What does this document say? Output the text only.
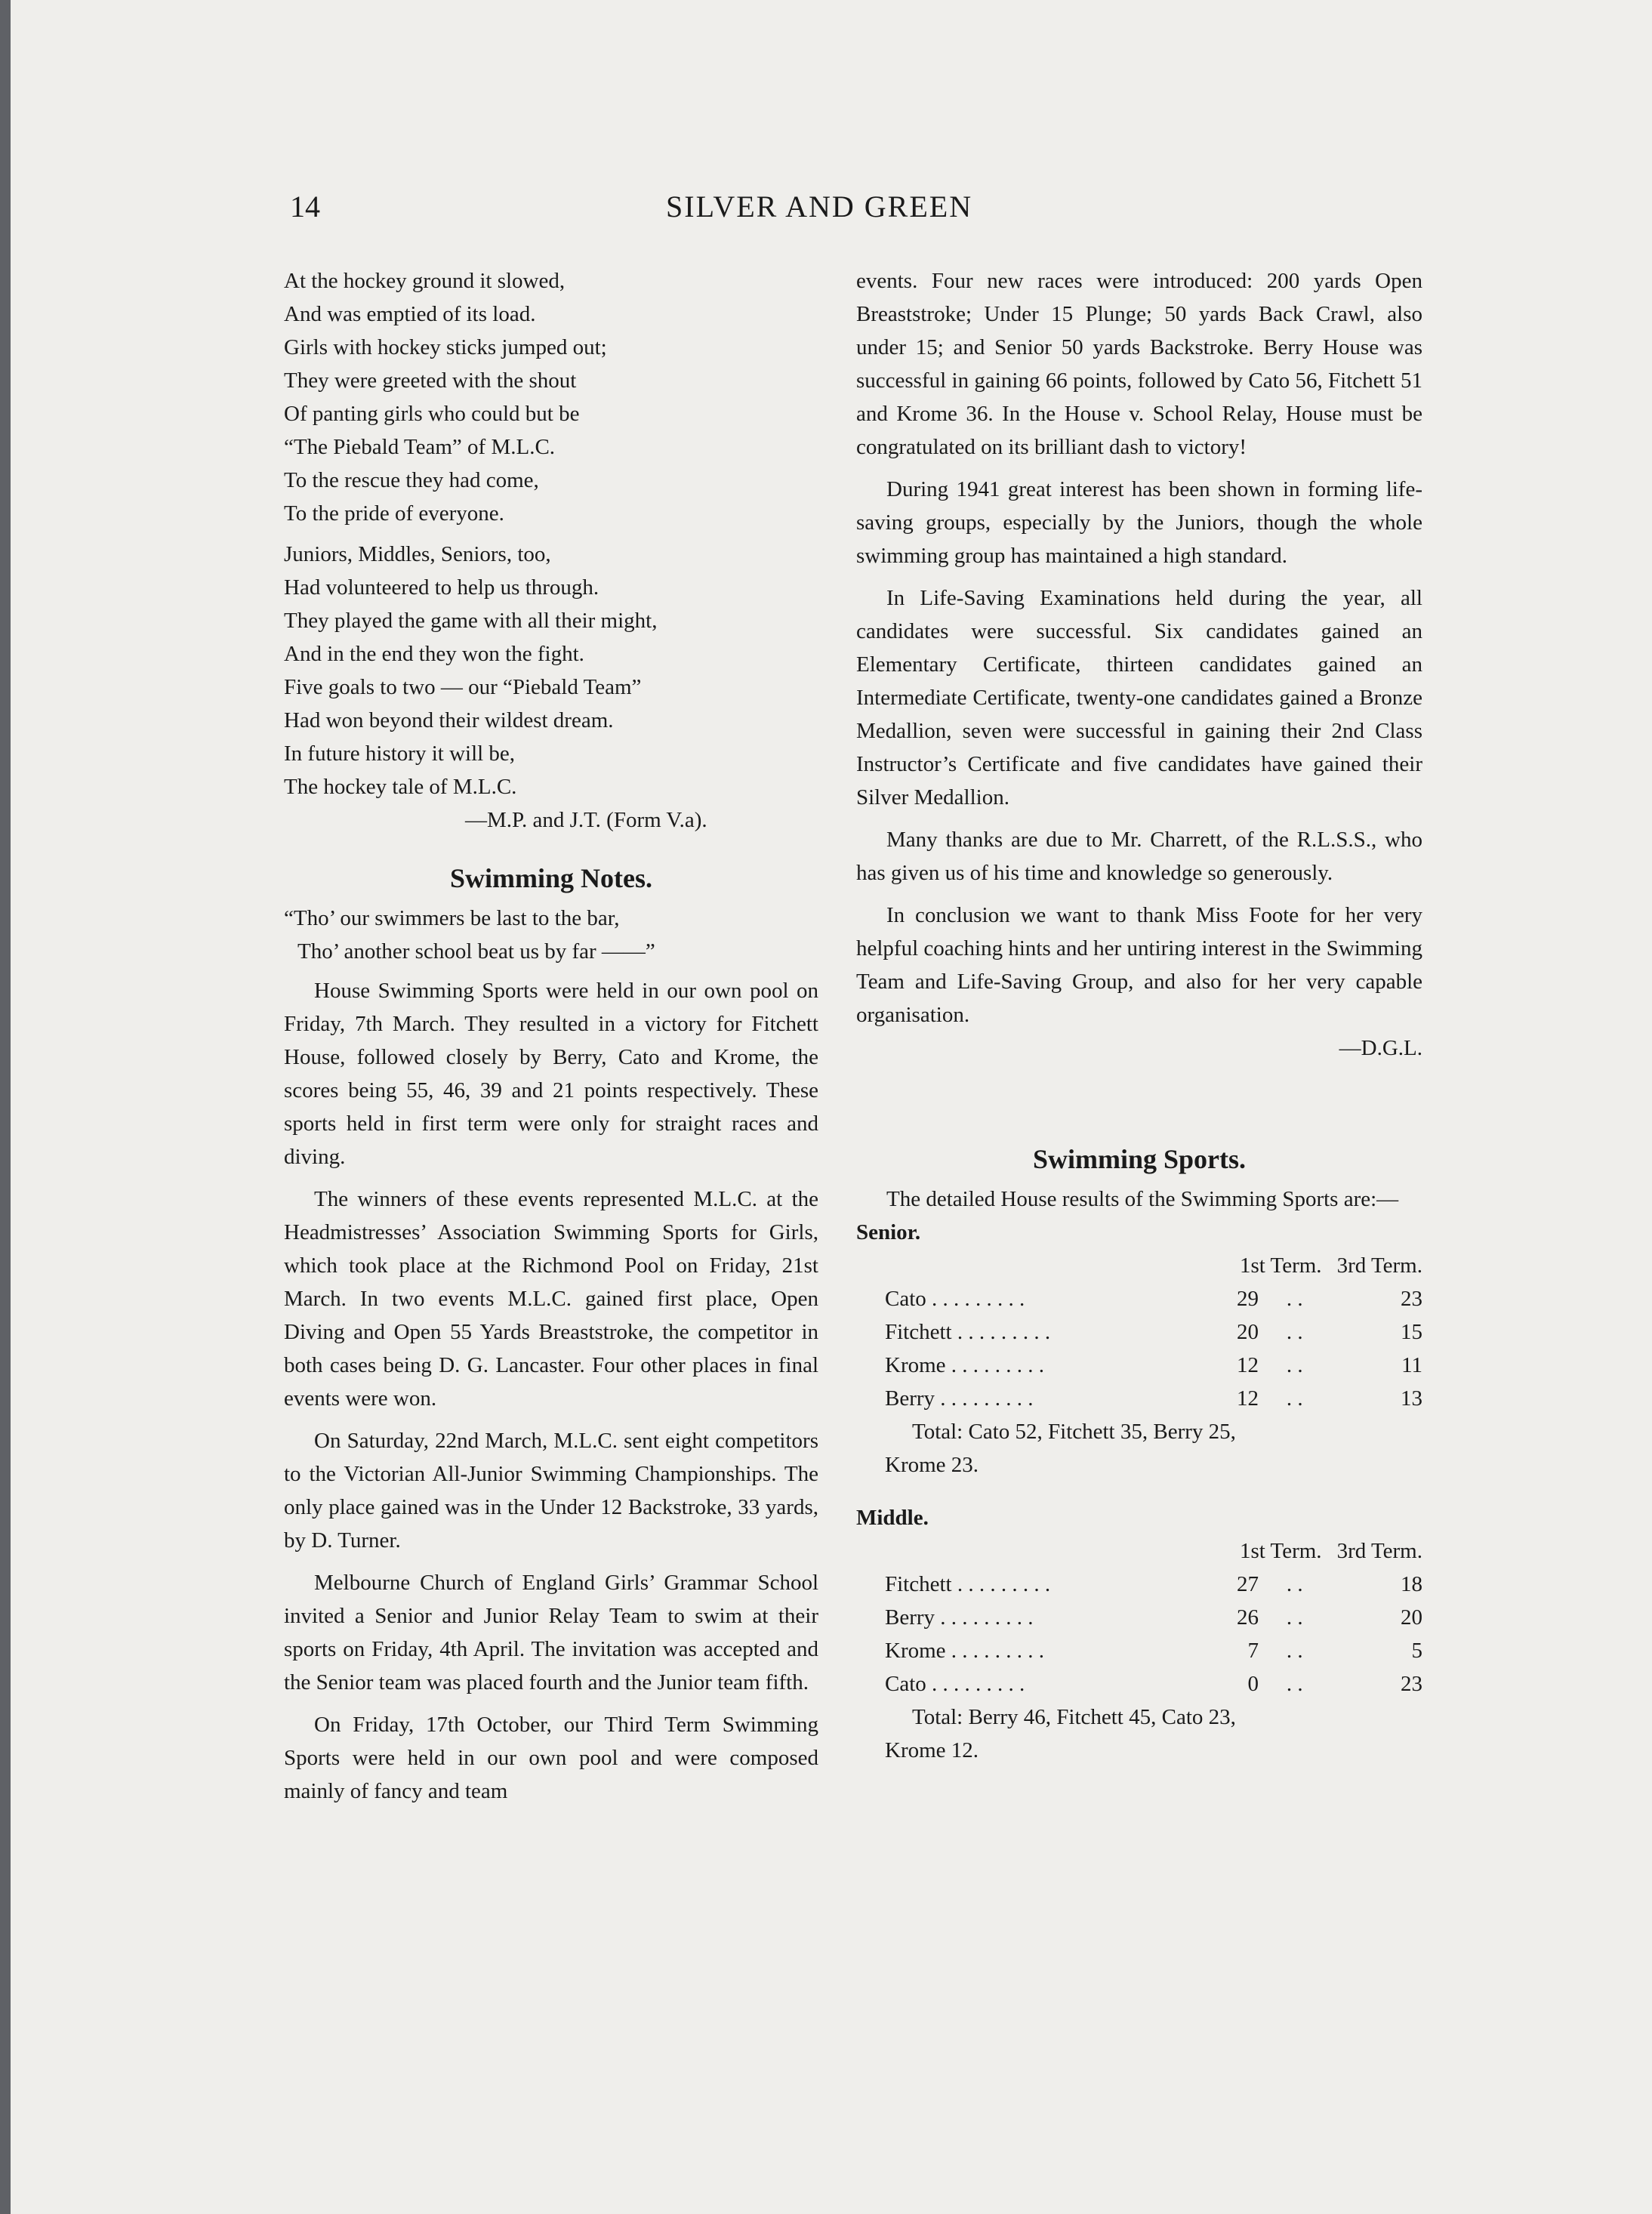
14	SILVER AND GREEN
At the hockey ground it slowed,
And was emptied of its load.
Girls with hockey sticks jumped out;
They were greeted with the shout
Of panting girls who could but be
“The Piebald Team” of M.L.C.
To the rescue they had come,
To the pride of everyone.
Juniors, Middles, Seniors, too,
Had volunteered to help us through.
They played the game with all their might,
And in the end they won the fight.
Five goals to two — our “Piebald Team”
Had won beyond their wildest dream.
In future history it will be,
The hockey tale of M.L.C.
—M.P. and J.T. (Form V.a).
Swimming Notes.
“Tho’ our swimmers be last to the bar,
Tho’ another school beat us by far ——”

House Swimming Sports were held in our own pool on Friday, 7th March. They resulted in a victory for Fitchett House, followed closely by Berry, Cato and Krome, the scores being 55, 46, 39 and 21 points respectively. These sports held in first term were only for straight races and diving.

The winners of these events represented M.L.C. at the Headmistresses’ Association Swimming Sports for Girls, which took place at the Richmond Pool on Friday, 21st March. In two events M.L.C. gained first place, Open Diving and Open 55 Yards Breaststroke, the competitor in both cases being D. G. Lancaster. Four other places in final events were won.

On Saturday, 22nd March, M.L.C. sent eight competitors to the Victorian All-Junior Swimming Championships. The only place gained was in the Under 12 Backstroke, 33 yards, by D. Turner.

Melbourne Church of England Girls’ Grammar School invited a Senior and Junior Relay Team to swim at their sports on Friday, 4th April. The invitation was accepted and the Senior team was placed fourth and the Junior team fifth.

On Friday, 17th October, our Third Term Swimming Sports were held in our own pool and were composed mainly of fancy and team

events. Four new races were introduced: 200 yards Open Breaststroke; Under 15 Plunge; 50 yards Back Crawl, also under 15; and Senior 50 yards Backstroke. Berry House was successful in gaining 66 points, followed by Cato 56, Fitchett 51 and Krome 36. In the House v. School Relay, House must be congratulated on its brilliant dash to victory!

During 1941 great interest has been shown in forming life-saving groups, especially by the Juniors, though the whole swimming group has maintained a high standard.

In Life-Saving Examinations held during the year, all candidates were successful. Six candidates gained an Elementary Certificate, thirteen candidates gained an Intermediate Certificate, twenty-one candidates gained a Bronze Medallion, seven were successful in gaining their 2nd Class Instructor’s Certificate and five candidates have gained their Silver Medallion.

Many thanks are due to Mr. Charrett, of the R.L.S.S., who has given us of his time and knowledge so generously.

In conclusion we want to thank Miss Foote for her very helpful coaching hints and her untiring interest in the Swimming Team and Life-Saving Group, and also for her very capable organisation.

—D.G.L.
Swimming Sports.

The detailed House results of the Swimming Sports are:—

Senior.
	1st Term.		3rd Term.
Cato . . . . . . . . .	29	. .	23
Fitchett . . . . . . . . .	20	. .	15
Krome . . . . . . . . .	12	. .	11
Berry . . . . . . . . .	12	. .	13
Total: Cato 52, Fitchett 35, Berry 25,
Krome 23.
Middle.
	1st Term.		3rd Term.
Fitchett . . . . . . . . .	27	. .	18
Berry . . . . . . . . .	26	. .	20
Krome . . . . . . . . .	7	. .	5
Cato . . . . . . . . .	0	. .	23
Total: Berry 46, Fitchett 45, Cato 23,
Krome 12.
